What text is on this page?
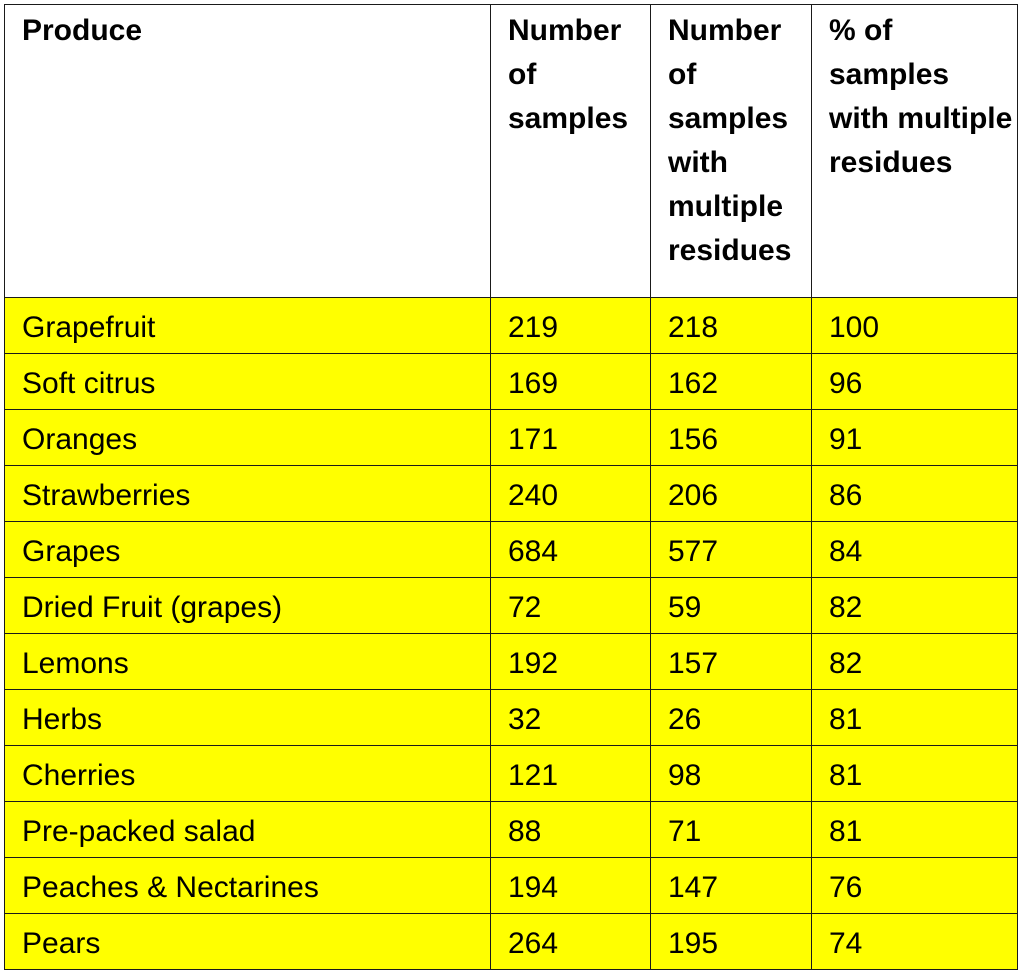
Produce	Number of samples	Number of samples with multiple residues	% of samples with multiple residues
Grapefruit	219	218	100
Soft citrus	169	162	96
Oranges	171	156	91
Strawberries	240	206	86
Grapes	684	577	84
Dried Fruit (grapes)	72	59	82
Lemons	192	157	82
Herbs	32	26	81
Cherries	121	98	81
Pre-packed salad	88	71	81
Peaches & Nectarines	194	147	76
Pears	264	195	74
